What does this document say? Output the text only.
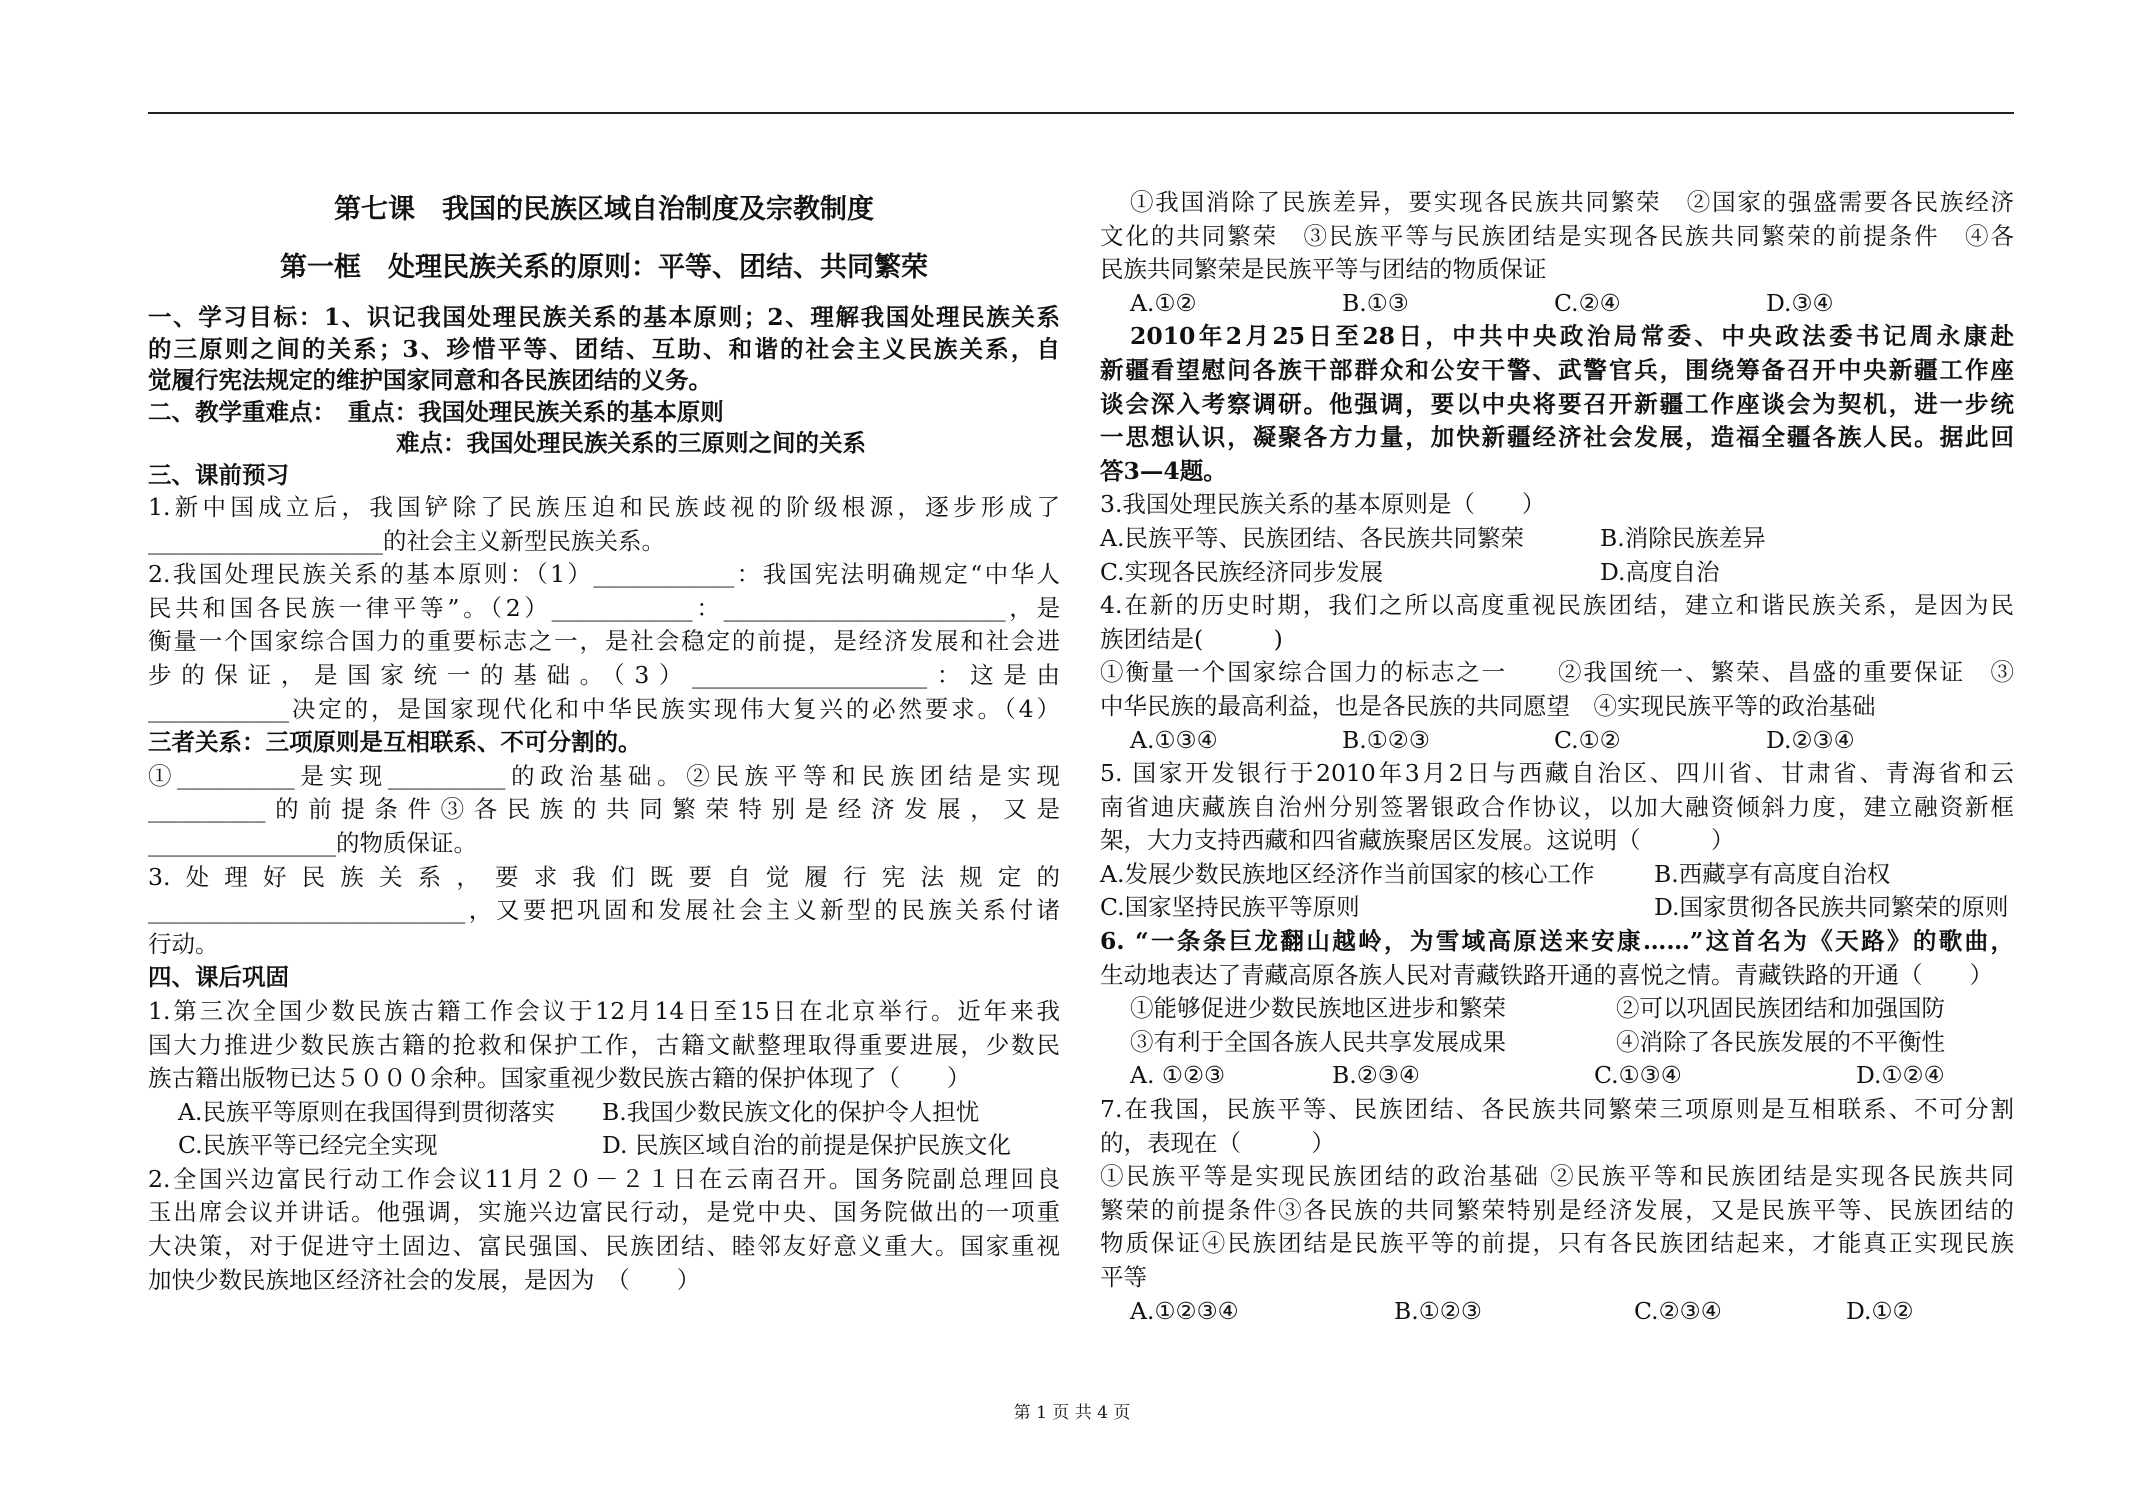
第七课　我国的民族区域自治制度及宗教制度
第一框　处理民族关系的原则：平等、团结、共同繁荣
一、学习目标：1、识记我国处理民族关系的基本原则；2、理解我国处理民族关系
的三原则之间的关系；3、珍惜平等、团结、互助、和谐的社会主义民族关系，自
觉履行宪法规定的维护国家同意和各民族团结的义务。
二、教学重难点：　重点：我国处理民族关系的基本原则
难点：我国处理民族关系的三原则之间的关系
三、课前预习
1.新中国成立后，我国铲除了民族压迫和民族歧视的阶级根源，逐步形成了
____________________的社会主义新型民族关系。
2.我国处理民族关系的基本原则：（1）____________：我国宪法明确规定“中华人
民共和国各民族一律平等”。（2）____________：________________________，是
衡量一个国家综合国力的重要标志之一，是社会稳定的前提，是经济发展和社会进
步的保证，是国家统一的基础。（3）____________________：这是由
____________决定的，是国家现代化和中华民族实现伟大复兴的必然要求。（4）
三者关系：三项原则是互相联系、不可分割的。
①__________是实现__________的政治基础。②民族平等和民族团结是实现
__________的前提条件③各民族的共同繁荣特别是经济发展，又是
________________的物质保证。
3.处理好民族关系，要求我们既要自觉履行宪法规定的
___________________________，又要把巩固和发展社会主义新型的民族关系付诸
行动。
四、课后巩固
1.第三次全国少数民族古籍工作会议于12月14日至15日在北京举行。近年来我
国大力推进少数民族古籍的抢救和保护工作，古籍文献整理取得重要进展，少数民
族古籍出版物已达５０００余种。国家重视少数民族古籍的保护体现了（　　）
A.民族平等原则在我国得到贯彻落实	B.我国少数民族文化的保护令人担忧
C.民族平等已经完全实现	D. 民族区域自治的前提是保护民族文化
2.全国兴边富民行动工作会议11月２０－２１日在云南召开。国务院副总理回良
玉出席会议并讲话。他强调，实施兴边富民行动，是党中央、国务院做出的一项重
大决策，对于促进守土固边、富民强国、民族团结、睦邻友好意义重大。国家重视
加快少数民族地区经济社会的发展，是因为　（　　）
①我国消除了民族差异，要实现各民族共同繁荣　②国家的强盛需要各民族经济
文化的共同繁荣　③民族平等与民族团结是实现各民族共同繁荣的前提条件　④各
民族共同繁荣是民族平等与团结的物质保证
A.①②	B.①③	C.②④	D.③④
2010年2月25日至28日，中共中央政治局常委、中央政法委书记周永康赴
新疆看望慰问各族干部群众和公安干警、武警官兵，围绕筹备召开中央新疆工作座
谈会深入考察调研。他强调，要以中央将要召开新疆工作座谈会为契机，进一步统
一思想认识，凝聚各方力量，加快新疆经济社会发展，造福全疆各族人民。据此回
答3—4题。
3.我国处理民族关系的基本原则是（　　）
A.民族平等、民族团结、各民族共同繁荣	B.消除民族差异
C.实现各民族经济同步发展	D.高度自治
4.在新的历史时期，我们之所以高度重视民族团结，建立和谐民族关系，是因为民
族团结是(　　　)
①衡量一个国家综合国力的标志之一　　②我国统一、繁荣、昌盛的重要保证　③
中华民族的最高利益，也是各民族的共同愿望　④实现民族平等的政治基础
A.①③④	B.①②③	C.①②	D.②③④
5. 国家开发银行于2010年3月2日与西藏自治区、四川省、甘肃省、青海省和云
南省迪庆藏族自治州分别签署银政合作协议，以加大融资倾斜力度，建立融资新框
架，大力支持西藏和四省藏族聚居区发展。这说明（　　　）
A.发展少数民族地区经济作当前国家的核心工作	B.西藏享有高度自治权
C.国家坚持民族平等原则	D.国家贯彻各民族共同繁荣的原则
6. “一条条巨龙翻山越岭，为雪域高原送来安康……”这首名为《天路》的歌曲，
生动地表达了青藏高原各族人民对青藏铁路开通的喜悦之情。青藏铁路的开通（　　）
①能够促进少数民族地区进步和繁荣	②可以巩固民族团结和加强国防
③有利于全国各族人民共享发展成果	④消除了各民族发展的不平衡性
A. ①②③	B.②③④	C.①③④	D.①②④
7.在我国，民族平等、民族团结、各民族共同繁荣三项原则是互相联系、不可分割
的，表现在（　　　）
①民族平等是实现民族团结的政治基础 ②民族平等和民族团结是实现各民族共同
繁荣的前提条件③各民族的共同繁荣特别是经济发展，又是民族平等、民族团结的
物质保证④民族团结是民族平等的前提，只有各民族团结起来，才能真正实现民族
平等
A.①②③④	B.①②③	C.②③④	D.①②
第 1 页 共 4 页
